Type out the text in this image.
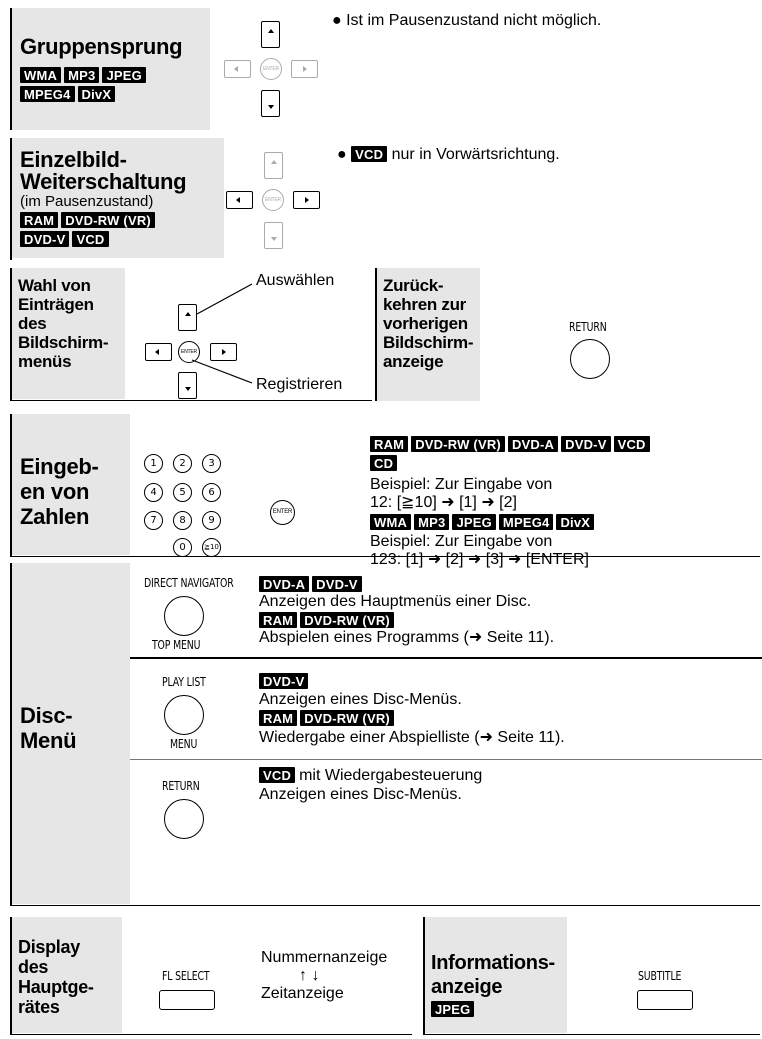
Gruppensprung
WMA MP3 JPEG
MPEG4 DivX
ENTER
● Ist im Pausenzustand nicht möglich.
Einzelbild-
Weiterschaltung
(im Pausenzustand)
RAM DVD-RW (VR)
DVD-V VCD
ENTER
● VCD nur in Vorwärtsrichtung.
Wahl von
Einträgen
des
Bildschirm-
menüs	ENTER
Auswählen
Registrieren
Zurück-
kehren zur
vorherigen
Bildschirm-
anzeige
RETURN
Eingeb-
en von
Zahlen
1	2	3
4	5	6
7	8	9
0	≧10
ENTER
RAM DVD-RW (VR) DVD-A DVD-V VCD
CD
Beispiel: Zur Eingabe von
12: [≧10] ➜ [1] ➜ [2]
WMA MP3 JPEG MPEG4 DivX
Beispiel: Zur Eingabe von
123: [1] ➜ [2] ➜ [3] ➜ [ENTER]
Disc-
Menü
DIRECT NAVIGATOR
TOP MENU
DVD-A DVD-V
Anzeigen des Hauptmenüs einer Disc.
RAM DVD-RW (VR)
Abspielen eines Programms (➜ Seite 11).
PLAY LIST
MENU
DVD-V
Anzeigen eines Disc-Menüs.
RAM DVD-RW (VR)
Wiedergabe einer Abspielliste (➜ Seite 11).
RETURN
VCD mit Wiedergabesteuerung
Anzeigen eines Disc-Menüs.
Display
des
Hauptge-
rätes
FL SELECT
Nummernanzeige
↑ ↓
Zeitanzeige
Informations-
anzeige
JPEG
SUBTITLE
